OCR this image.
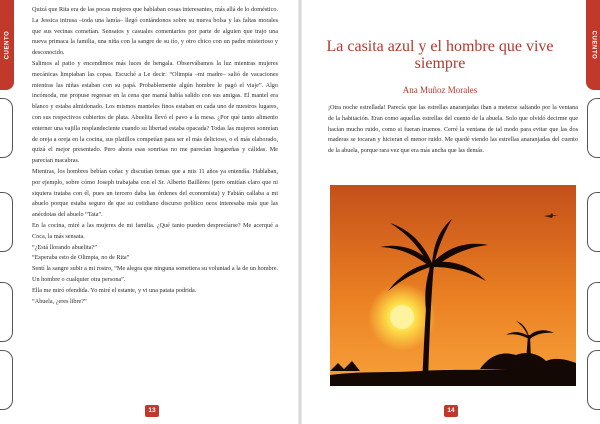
CUENTO	CUENTO

Quizá que Rita era de las pocas mujeres que hablaban cosas interesantes, más allá de lo doméstico. La Jessica intrusa –toda una lamía– llegó contándonos sobre su nueva bolsa y las faltas morales que sus vecinas cometían. Sensatos y casuales comentarios por parte de alguien que trajo una nueva primaca la familia, una niña con la sangre de su tío, y otro chico con un padre misterioso y desconocido.

Salimos al patio y encendimos más luces de bengala. Observábamos la luz mientras mujeres mecánicas limpiaban las copas. Escuché a Le decir: “Olimpia –mi madre– salió de vacaciones mientras las niñas estaban con su papá. Probablemente algún hombre le pagó el viaje”. Algo incómoda, me propuse regresar en la cena que mamá había salido con sus amigas. El mantel era blanco y estaba almidonado. Los mismos manteles finos estaban en cada uno de nuestros lugares, con sus respectivos cubiertos de plata. Abuelita llevó el pavo a la mesa. ¿Por qué tanto alimento enterner una vajilla resplandeciente cuando su libertad estaba opacada? Todas las mujeres sonreían de oreja a oreja en la cocina, sus platillos competían para ser el más delicioso, o el más elaborado, quizá el mejor presentado. Pero ahora esas sonrisas no me parecían hogareñas y cálidas. Me parecían macabras.

Mientras, los hombres bebían coñac y discutían temas que a mis 11 años ya entendía. Hablaban, por ejemplo, sobre cómo Joseph trabajaba con el Sr. Alberto Baillères (pero omitían claro que ni siquiera trataba con él, pues un tercero daba las órdenes del economista) y Fabián callaba a mi abuelo porque estaba seguro de que su cotidiano discurso político ocos interesaba más que las anécdotas del abuelo “Tata”.

En la cocina, miré a las mujeres de mi familia. ¿Qué tanto pueden desprecíarse? Me acerqué a Coca, la más sensata.

“¿Está llorando abuelita?”

“Esperaba esto de Olimpia, no de Rita”

Sentí la sangre subir a mi rostro, “Me alegra que ninguna sometiera su voluntad a la de un hombre. Un hombre o cualquier otra persona”.

Ella me miró ofendida. Yo miré el estante, y vi una patata podrida.

“Abuela, ¿eres libre?”

La casita azul y el hombre que vive siempre
Ana Muñoz Morales

¡Otra noche estrellada! Parecía que las estrellas anaranjadas iban a meterse saltando por la ventana de la habitación. Eran como aquellas estrellas del cuento de la abuela. Solo que olvidó decirme que hacían mucho ruido, como si fueran truenos. Cerré la ventana de tal modo para evitar que las dos maderas se tocaran y hicieran el menor ruido. Me quedé viendo las estrellas anaranjadas del cuento de la abuela, porque rara vez que era más ancha que las demás.

13	14
